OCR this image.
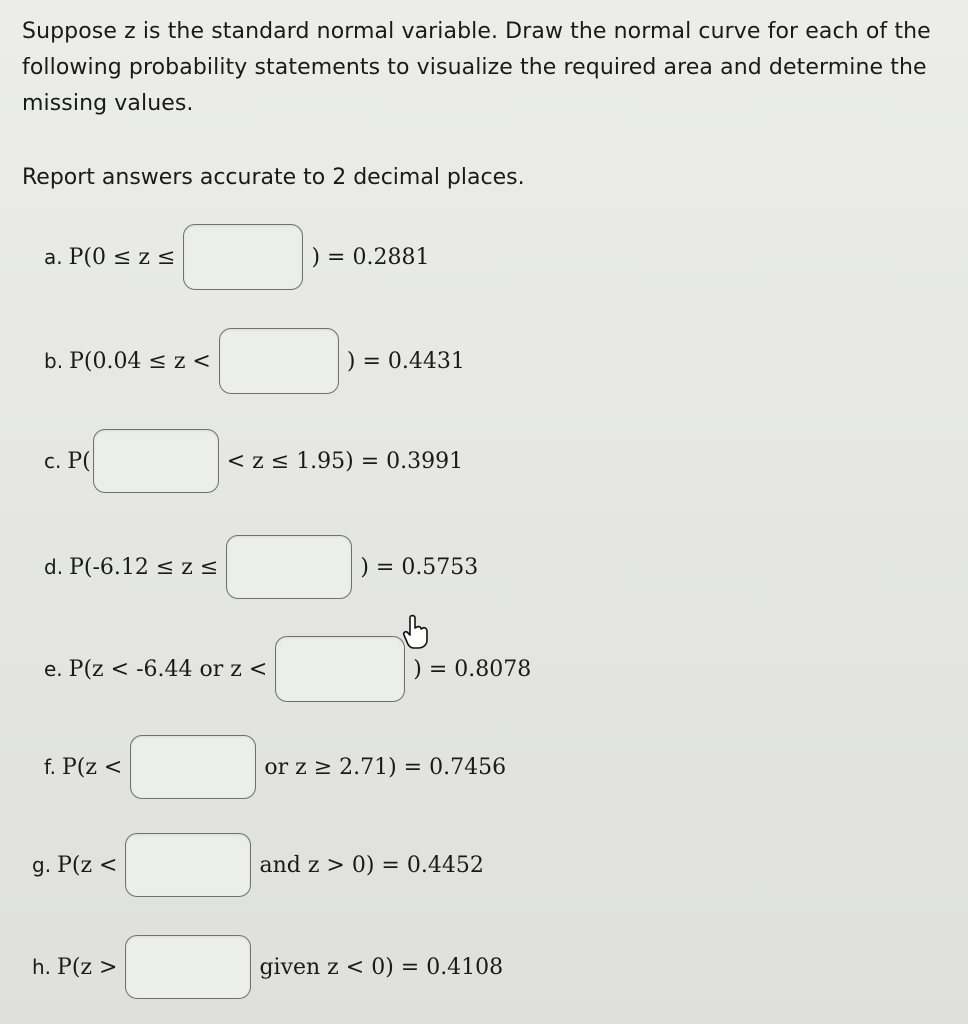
Suppose z is the standard normal variable. Draw the normal curve for each of the
following probability statements to visualize the required area and determine the
missing values.
Report answers accurate to 2 decimal places.
a. P(0 ≤ z ≤	) = 0.2881
b. P(0.04 ≤ z <	) = 0.4431
c. P(	< z ≤ 1.95) = 0.3991
d. P(-6.12 ≤ z ≤	) = 0.5753
e. P(z < -6.44 or z <	) = 0.8078
f. P(z <	or z ≥ 2.71) = 0.7456
g. P(z <	and z > 0) = 0.4452
h. P(z >	given z < 0) = 0.4108
